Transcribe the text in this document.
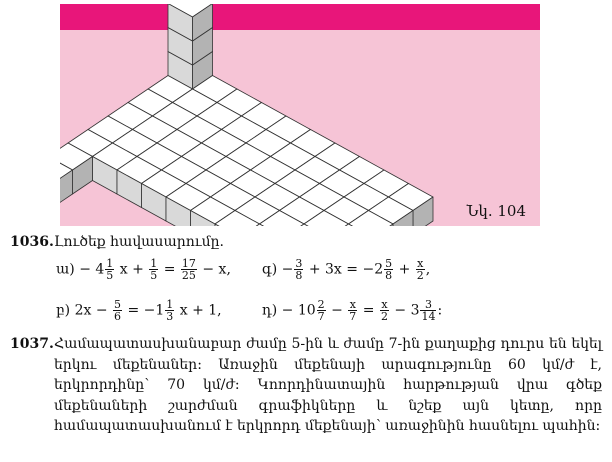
Նկ. 104
1036.Լուծեք հավասարումը.
ա) − $4 \frac{1}{5}$ $x + \frac{1}{5} = \frac{17}{25} - x$, գ) − $\frac{3}{8} + 3x = -2 \frac{5}{8} + \frac{x}{2}$ ,
բ) $2x - \frac{5}{6} = -1 \frac{1}{3}$ x + 1,	դ) − $10 \frac{2}{7} - \frac{x}{7} = \frac{x}{2} - 3 \frac{3}{14}$ :
1037. Համապատասխանաբար ժամը 5-ին և ժամը 7-ին քաղաքից դուրս են եկել երկու մեքենաներ: Առաջին մեքենայի արագությունը 60 կմ/ժ է, երկրորդինը՝ 70 կմ/ժ: Կոորդինատային հարթության վրա գծեք մեքենաների շարժման գրաֆիկները և նշեք այն կետը, որը համապատասխանում է երկրորդ մեքենայի՝ առաջինին հասնելու պահին:
